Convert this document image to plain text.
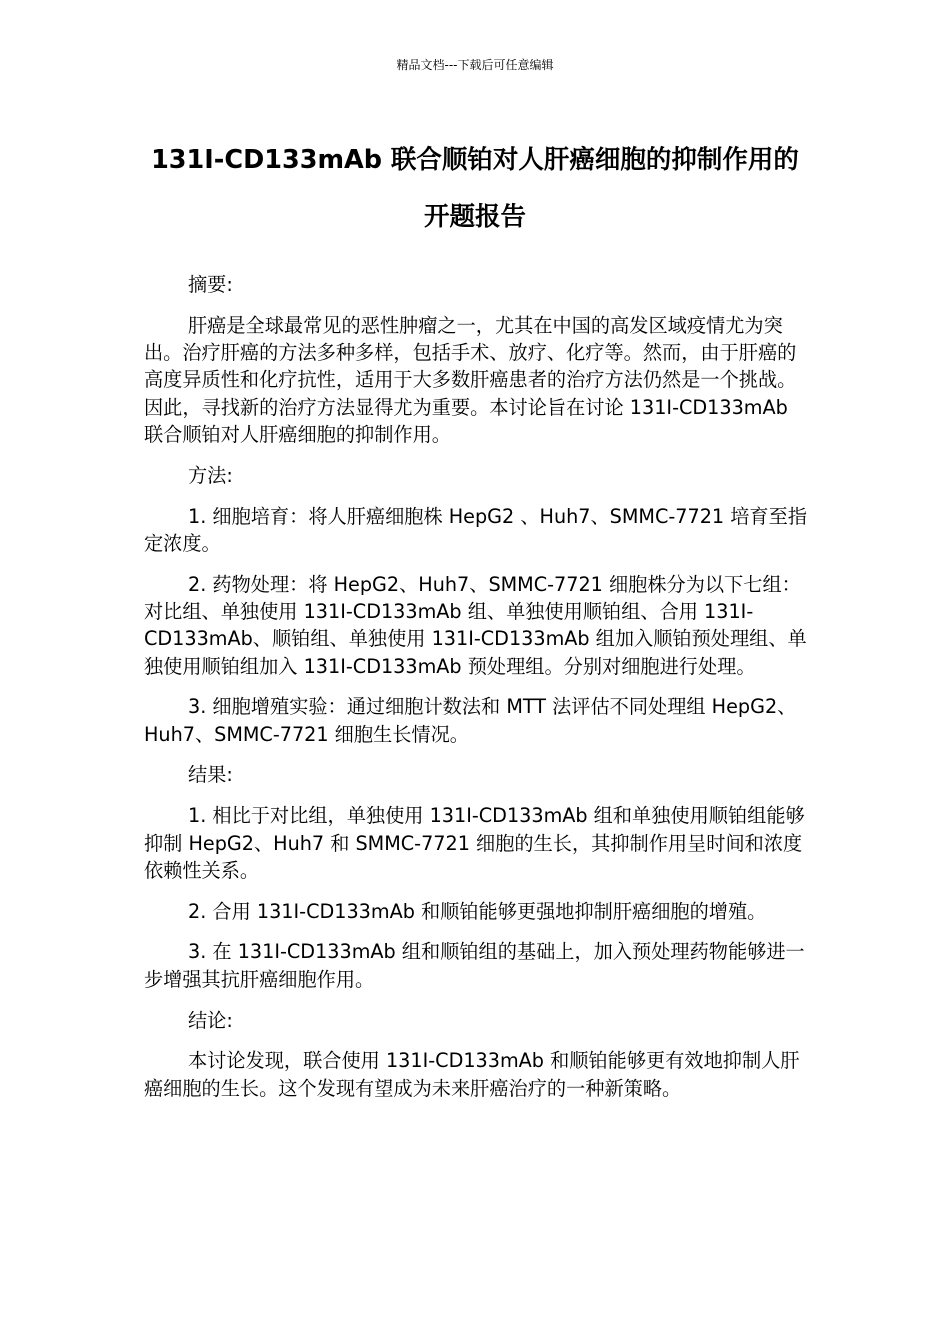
精品文档---下载后可任意编辑
131I-CD133mAb 联合顺铂对人肝癌细胞的抑制作用的开题报告

摘要:

肝癌是全球最常见的恶性肿瘤之一，尤其在中国的高发区域疫情尤为突出。治疗肝癌的方法多种多样，包括手术、放疗、化疗等。然而，由于肝癌的高度异质性和化疗抗性，适用于大多数肝癌患者的治疗方法仍然是一个挑战。因此，寻找新的治疗方法显得尤为重要。本讨论旨在讨论 131I-CD133mAb 联合顺铂对人肝癌细胞的抑制作用。

方法:

1. 细胞培育：将人肝癌细胞株 HepG2 、Huh7、SMMC-7721 培育至指定浓度。

2. 药物处理：将 HepG2、Huh7、SMMC-7721 细胞株分为以下七组：对比组、单独使用 131I-CD133mAb 组、单独使用顺铂组、合用 131I-CD133mAb、顺铂组、单独使用 131I-CD133mAb 组加入顺铂预处理组、单独使用顺铂组加入 131I-CD133mAb 预处理组。分别对细胞进行处理。

3. 细胞增殖实验：通过细胞计数法和 MTT 法评估不同处理组 HepG2、Huh7、SMMC-7721 细胞生长情况。

结果:

1. 相比于对比组，单独使用 131I-CD133mAb 组和单独使用顺铂组能够抑制 HepG2、Huh7 和 SMMC-7721 细胞的生长，其抑制作用呈时间和浓度依赖性关系。

2. 合用 131I-CD133mAb 和顺铂能够更强地抑制肝癌细胞的增殖。

3. 在 131I-CD133mAb 组和顺铂组的基础上，加入预处理药物能够进一步增强其抗肝癌细胞作用。

结论:

本讨论发现，联合使用 131I-CD133mAb 和顺铂能够更有效地抑制人肝癌细胞的生长。这个发现有望成为未来肝癌治疗的一种新策略。
